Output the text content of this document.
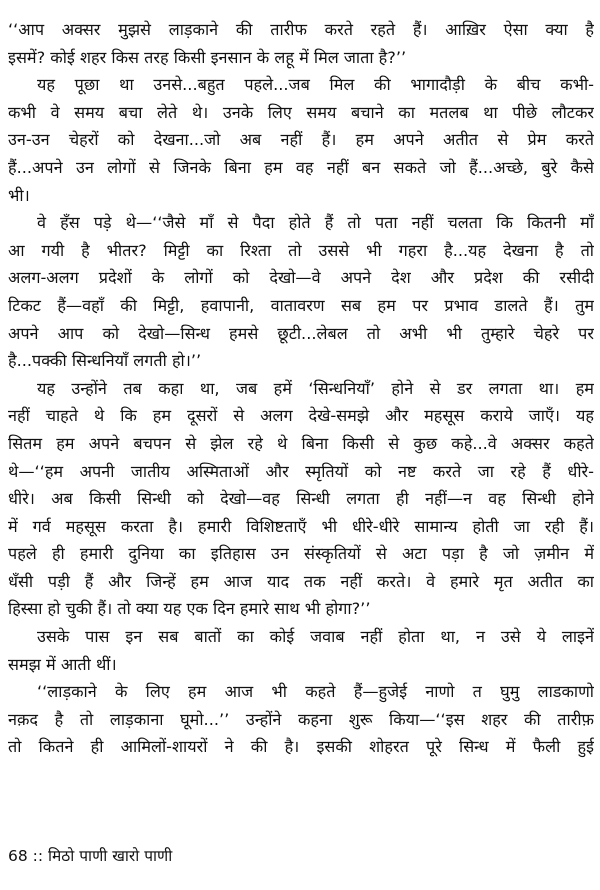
‘‘आप अक्सर मुझसे लाड़काने की तारीफ करते रहते हैं। आख़िर ऐसा क्या है
इसमें? कोई शहर किस तरह किसी इनसान के लहू में मिल जाता है?’’
यह पूछा था उनसे...बहुत पहले...जब मिल की भागादौड़ी के बीच कभी-
कभी वे समय बचा लेते थे। उनके लिए समय बचाने का मतलब था पीछे लौटकर
उन-उन चेहरों को देखना...जो अब नहीं हैं। हम अपने अतीत से प्रेम करते
हैं...अपने उन लोगों से जिनके बिना हम वह नहीं बन सकते जो हैं...अच्छे, बुरे कैसे
भी।
वे हँस पड़े थे—‘‘जैसे माँ से पैदा होते हैं तो पता नहीं चलता कि कितनी माँ
आ गयी है भीतर? मिट्टी का रिश्ता तो उससे भी गहरा है...यह देखना है तो
अलग-अलग प्रदेशों के लोगों को देखो—वे अपने देश और प्रदेश की रसीदी
टिकट हैं—वहाँ की मिट्टी, हवापानी, वातावरण सब हम पर प्रभाव डालते हैं। तुम
अपने आप को देखो—सिन्ध हमसे छूटी...लेबल तो अभी भी तुम्हारे चेहरे पर
है...पक्की सिन्धनियाँ लगती हो।’’
यह उन्होंने तब कहा था, जब हमें ‘सिन्धनियाँ’ होने से डर लगता था। हम
नहीं चाहते थे कि हम दूसरों से अलग देखे-समझे और महसूस कराये जाएँ। यह
सितम हम अपने बचपन से झेल रहे थे बिना किसी से कुछ कहे...वे अक्सर कहते
थे—‘‘हम अपनी जातीय अस्मिताओं और स्मृतियों को नष्ट करते जा रहे हैं धीरे-
धीरे। अब किसी सिन्धी को देखो—वह सिन्धी लगता ही नहीं—न वह सिन्धी होने
में गर्व महसूस करता है। हमारी विशिष्टताएँ भी धीरे-धीरे सामान्य होती जा रही हैं।
पहले ही हमारी दुनिया का इतिहास उन संस्कृतियों से अटा पड़ा है जो ज़मीन में
धँसी पड़ी हैं और जिन्हें हम आज याद तक नहीं करते। वे हमारे मृत अतीत का
हिस्सा हो चुकी हैं। तो क्या यह एक दिन हमारे साथ भी होगा?’’
उसके पास इन सब बातों का कोई जवाब नहीं होता था, न उसे ये लाइनें
समझ में आती थीं।
‘‘लाड़काने के लिए हम आज भी कहते हैं—हुजेई नाणो त घुमु लाडकाणो
नक़द है तो लाड़काना घूमो...’’ उन्होंने कहना शुरू किया—‘‘इस शहर की तारीफ़
तो कितने ही आमिलों-शायरों ने की है। इसकी शोहरत पूरे सिन्ध में फैली हुई
68 :: मिठो पाणी खारो पाणी
